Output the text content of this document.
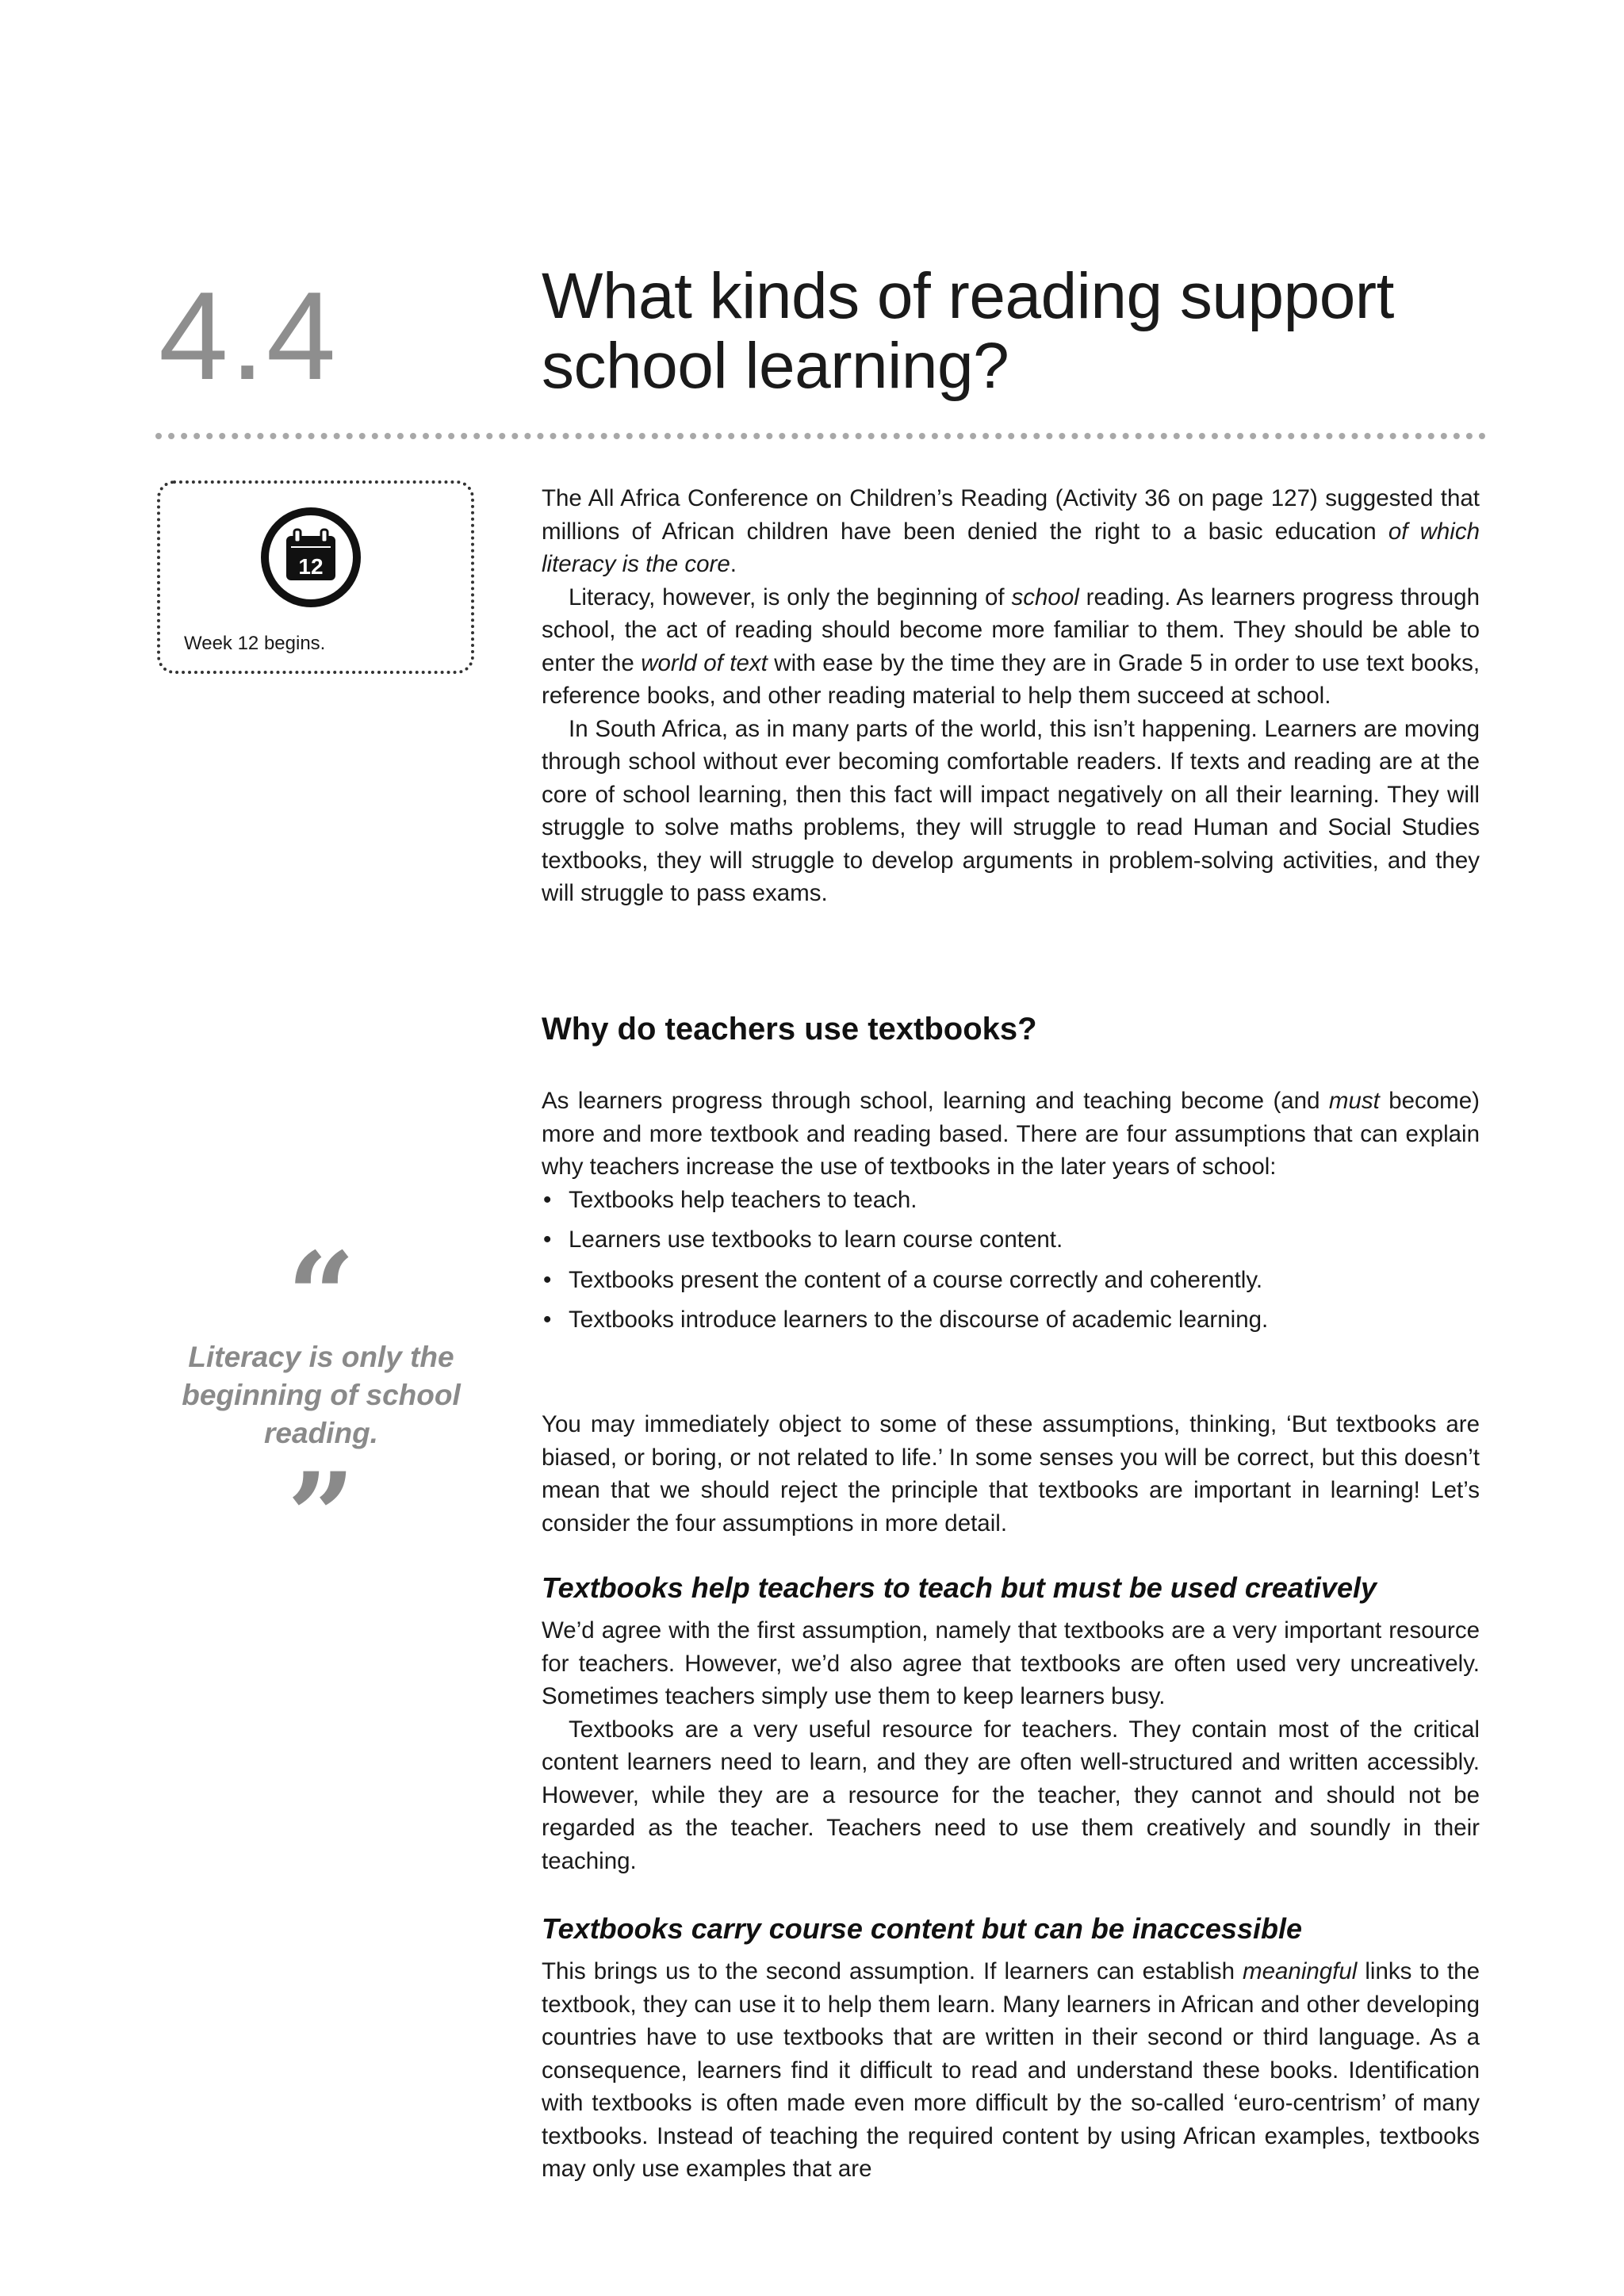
4.4	What kinds of reading support
school learning?
12
Week 12 begins.
“
Literacy is only the
beginning of school
reading.
”

The All Africa Conference on Children’s Reading (Activity 36 on page 127) suggested that millions of African children have been denied the right to a basic education of which literacy is the core.

Literacy, however, is only the beginning of school reading. As learners progress through school, the act of reading should become more familiar to them. They should be able to enter the world of text with ease by the time they are in Grade 5 in order to use text books, reference books, and other reading material to help them succeed at school.

In South Africa, as in many parts of the world, this isn’t happening. Learners are moving through school without ever becoming comfortable readers. If texts and reading are at the core of school learning, then this fact will impact negatively on all their learning. They will struggle to solve maths problems, they will struggle to read Human and Social Studies textbooks, they will struggle to develop arguments in problem-solving activities, and they will struggle to pass exams.

Why do teachers use textbooks?

As learners progress through school, learning and teaching become (and must become) more and more textbook and reading based. There are four assumptions that can explain why teachers increase the use of textbooks in the later years of school:

• Textbooks help teachers to teach.
• Learners use textbooks to learn course content.
• Textbooks present the content of a course correctly and coherently.
• Textbooks introduce learners to the discourse of academic learning.
You may immediately object to some of these assumptions, thinking, ‘But textbooks are biased, or boring, or not related to life.’ In some senses you will be correct, but this doesn’t mean that we should reject the principle that textbooks are important in learning! Let’s consider the four assumptions in more detail.
Textbooks help teachers to teach but must be used creatively

We’d agree with the first assumption, namely that textbooks are a very important resource for teachers. However, we’d also agree that textbooks are often used very uncreatively. Sometimes teachers simply use them to keep learners busy.

Textbooks are a very useful resource for teachers. They contain most of the critical content learners need to learn, and they are often well-structured and written accessibly. However, while they are a resource for the teacher, they cannot and should not be regarded as the teacher. Teachers need to use them creatively and soundly in their teaching.

Textbooks carry course content but can be inaccessible

This brings us to the second assumption. If learners can establish meaningful links to the textbook, they can use it to help them learn. Many learners in African and other developing countries have to use textbooks that are written in their second or third language. As a consequence, learners find it difficult to read and understand these books. Identification with textbooks is often made even more difficult by the so-called ‘euro-centrism’ of many textbooks. Instead of teaching the required content by using African examples, textbooks may only use examples that are
